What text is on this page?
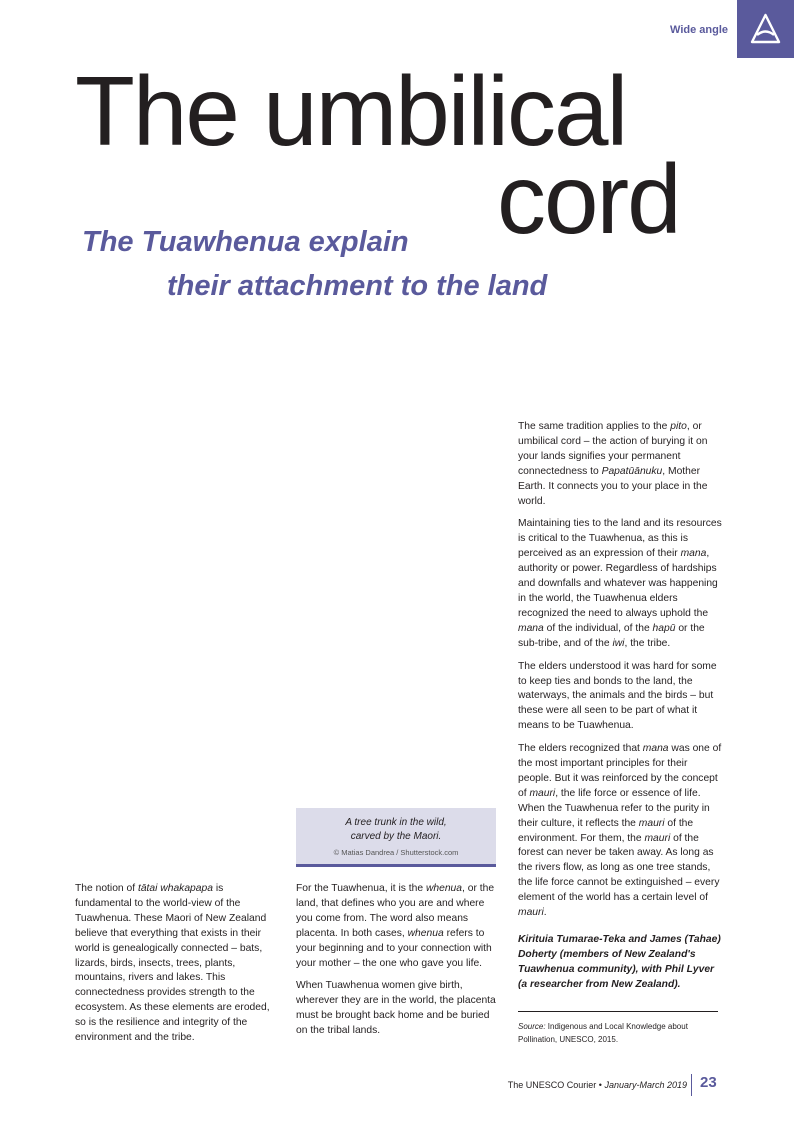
Wide angle
The umbilical
cord
The Tuawhenua explain
their attachment to the land
A tree trunk in the wild,
carved by the Maori.
© Matias Dandrea / Shutterstock.com

The notion of tātai whakapapa is fundamental to the world-view of the Tuawhenua. These Maori of New Zealand believe that everything that exists in their world is genealogically connected – bats, lizards, birds, insects, trees, plants, mountains, rivers and lakes. This connectedness provides strength to the ecosystem. As these elements are eroded, so is the resilience and integrity of the environment and the tribe.

For the Tuawhenua, it is the whenua, or the land, that defines who you are and where you come from. The word also means placenta. In both cases, whenua refers to your beginning and to your connection with your mother – the one who gave you life.

When Tuawhenua women give birth, wherever they are in the world, the placenta must be brought back home and be buried on the tribal lands.

The same tradition applies to the pito, or umbilical cord – the action of burying it on your lands signifies your permanent connectedness to Papatūānuku, Mother Earth. It connects you to your place in the world.

Maintaining ties to the land and its resources is critical to the Tuawhenua, as this is perceived as an expression of their mana, authority or power. Regardless of hardships and downfalls and whatever was happening in the world, the Tuawhenua elders recognized the need to always uphold the mana of the individual, of the hapū or the sub-tribe, and of the iwi, the tribe.

The elders understood it was hard for some to keep ties and bonds to the land, the waterways, the animals and the birds – but these were all seen to be part of what it means to be Tuawhenua.

The elders recognized that mana was one of the most important principles for their people. But it was reinforced by the concept of mauri, the life force or essence of life. When the Tuawhenua refer to the purity in their culture, it reflects the mauri of the environment. For them, the mauri of the forest can never be taken away. As long as the rivers flow, as long as one tree stands, the life force cannot be extinguished – every element of the world has a certain level of mauri.

Kirituia Tumarae-Teka and James (Tahae) Doherty (members of New Zealand's Tuawhenua community), with Phil Lyver (a researcher from New Zealand).

Source: Indigenous and Local Knowledge about Pollination, UNESCO, 2015.

The UNESCO Courier • January-March 2019 23
